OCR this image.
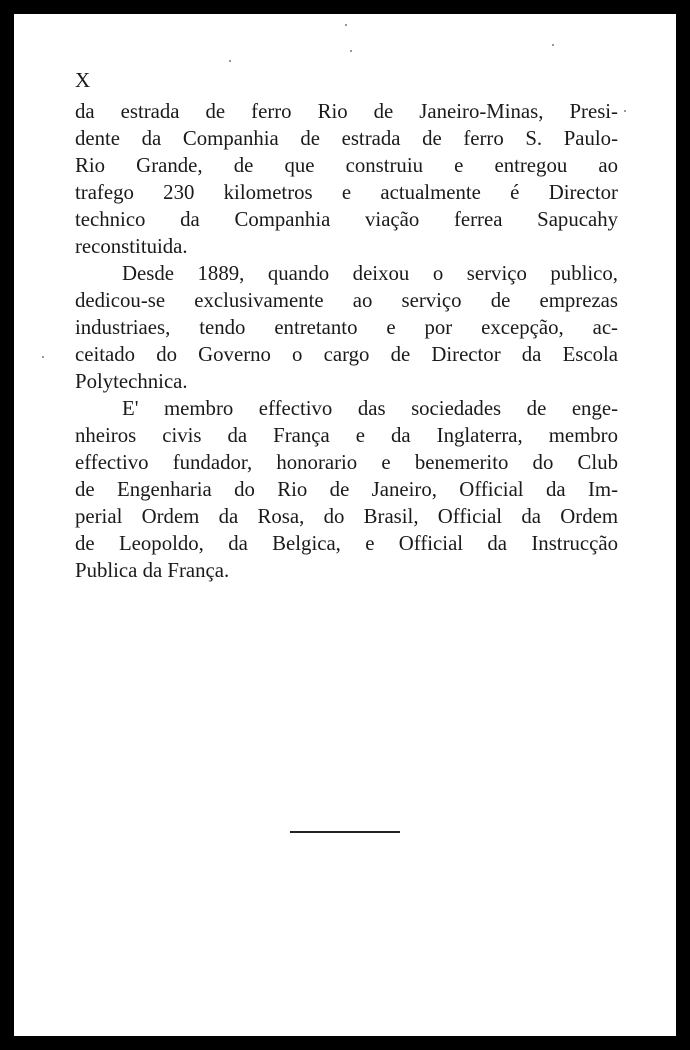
X
da estrada de ferro Rio de Janeiro-Minas, Presi-
dente da Companhia de estrada de ferro S. Paulo-
Rio Grande, de que construiu e entregou ao
trafego 230 kilometros e actualmente é Director
technico da Companhia viação ferrea Sapucahy
reconstituida.
Desde 1889, quando deixou o serviço publico,
dedicou-se exclusivamente ao serviço de emprezas
industriaes, tendo entretanto e por excepção, ac-
ceitado do Governo o cargo de Director da Escola
Polytechnica.
E' membro effectivo das sociedades de enge-
nheiros civis da França e da Inglaterra, membro
effectivo fundador, honorario e benemerito do Club
de Engenharia do Rio de Janeiro, Official da Im-
perial Ordem da Rosa, do Brasil, Official da Ordem
de Leopoldo, da Belgica, e Official da Instrucção
Publica da França.
